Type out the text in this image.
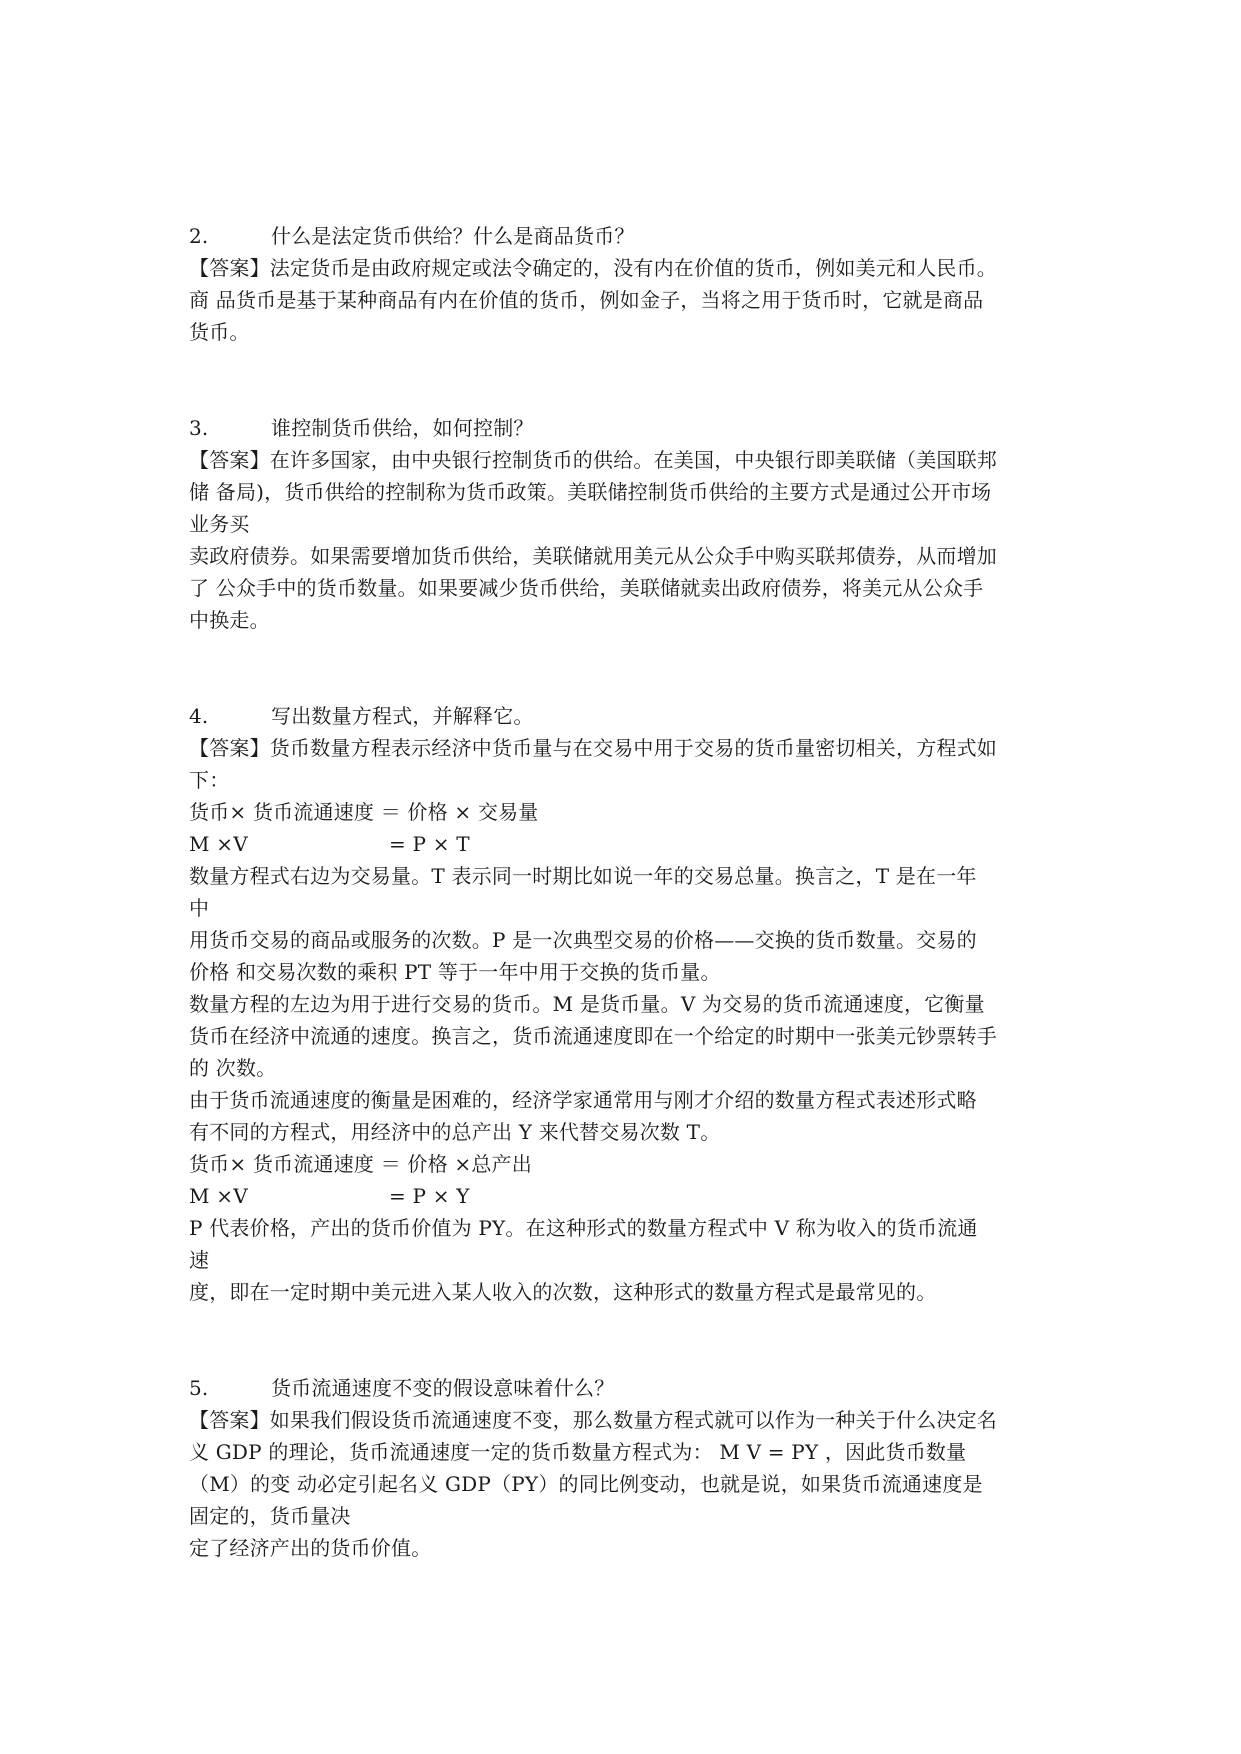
2.	什么是法定货币供给？什么是商品货币？
【答案】法定货币是由政府规定或法令确定的，没有内在价值的货币，例如美元和人民币。
商 品货币是基于某种商品有内在价值的货币，例如金子，当将之用于货币时，它就是商品
货币。
3.	谁控制货币供给，如何控制？
【答案】在许多国家，由中央银行控制货币的供给。在美国，中央银行即美联储（美国联邦
储 备局)，货币供给的控制称为货币政策。美联储控制货币供给的主要方式是通过公开市场
业务买
卖政府债券。如果需要增加货币供给，美联储就用美元从公众手中购买联邦债券，从而增加
了 公众手中的货币数量。如果要减少货币供给，美联储就卖出政府债券，将美元从公众手
中换走。
4.	写出数量方程式，并解释它。
【答案】货币数量方程表示经济中货币量与在交易中用于交易的货币量密切相关，方程式如
下：
货币× 货币流通速度 ＝ 价格 × 交易量
M ×V	= P × T
数量方程式右边为交易量。T 表示同一时期比如说一年的交易总量。换言之，T 是在一年
中
用货币交易的商品或服务的次数。P 是一次典型交易的价格——交换的货币数量。交易的
价格 和交易次数的乘积 PT 等于一年中用于交换的货币量。
数量方程的左边为用于进行交易的货币。M 是货币量。V 为交易的货币流通速度，它衡量
货币在经济中流通的速度。换言之，货币流通速度即在一个给定的时期中一张美元钞票转手
的 次数。
由于货币流通速度的衡量是困难的，经济学家通常用与刚才介绍的数量方程式表述形式略
有不同的方程式，用经济中的总产出 Y 来代替交易次数 T。
货币× 货币流通速度 ＝ 价格 ×总产出
M ×V	= P × Y
P 代表价格，产出的货币价值为 PY。在这种形式的数量方程式中 V 称为收入的货币流通
速
度，即在一定时期中美元进入某人收入的次数，这种形式的数量方程式是最常见的。
5.	货币流通速度不变的假设意味着什么？
【答案】如果我们假设货币流通速度不变，那么数量方程式就可以作为一种关于什么决定名
义 GDP 的理论，货币流通速度一定的货币数量方程式为： M V = PY ，因此货币数量
（M）的变 动必定引起名义 GDP（PY）的同比例变动，也就是说，如果货币流通速度是
固定的，货币量决
定了经济产出的货币价值。
